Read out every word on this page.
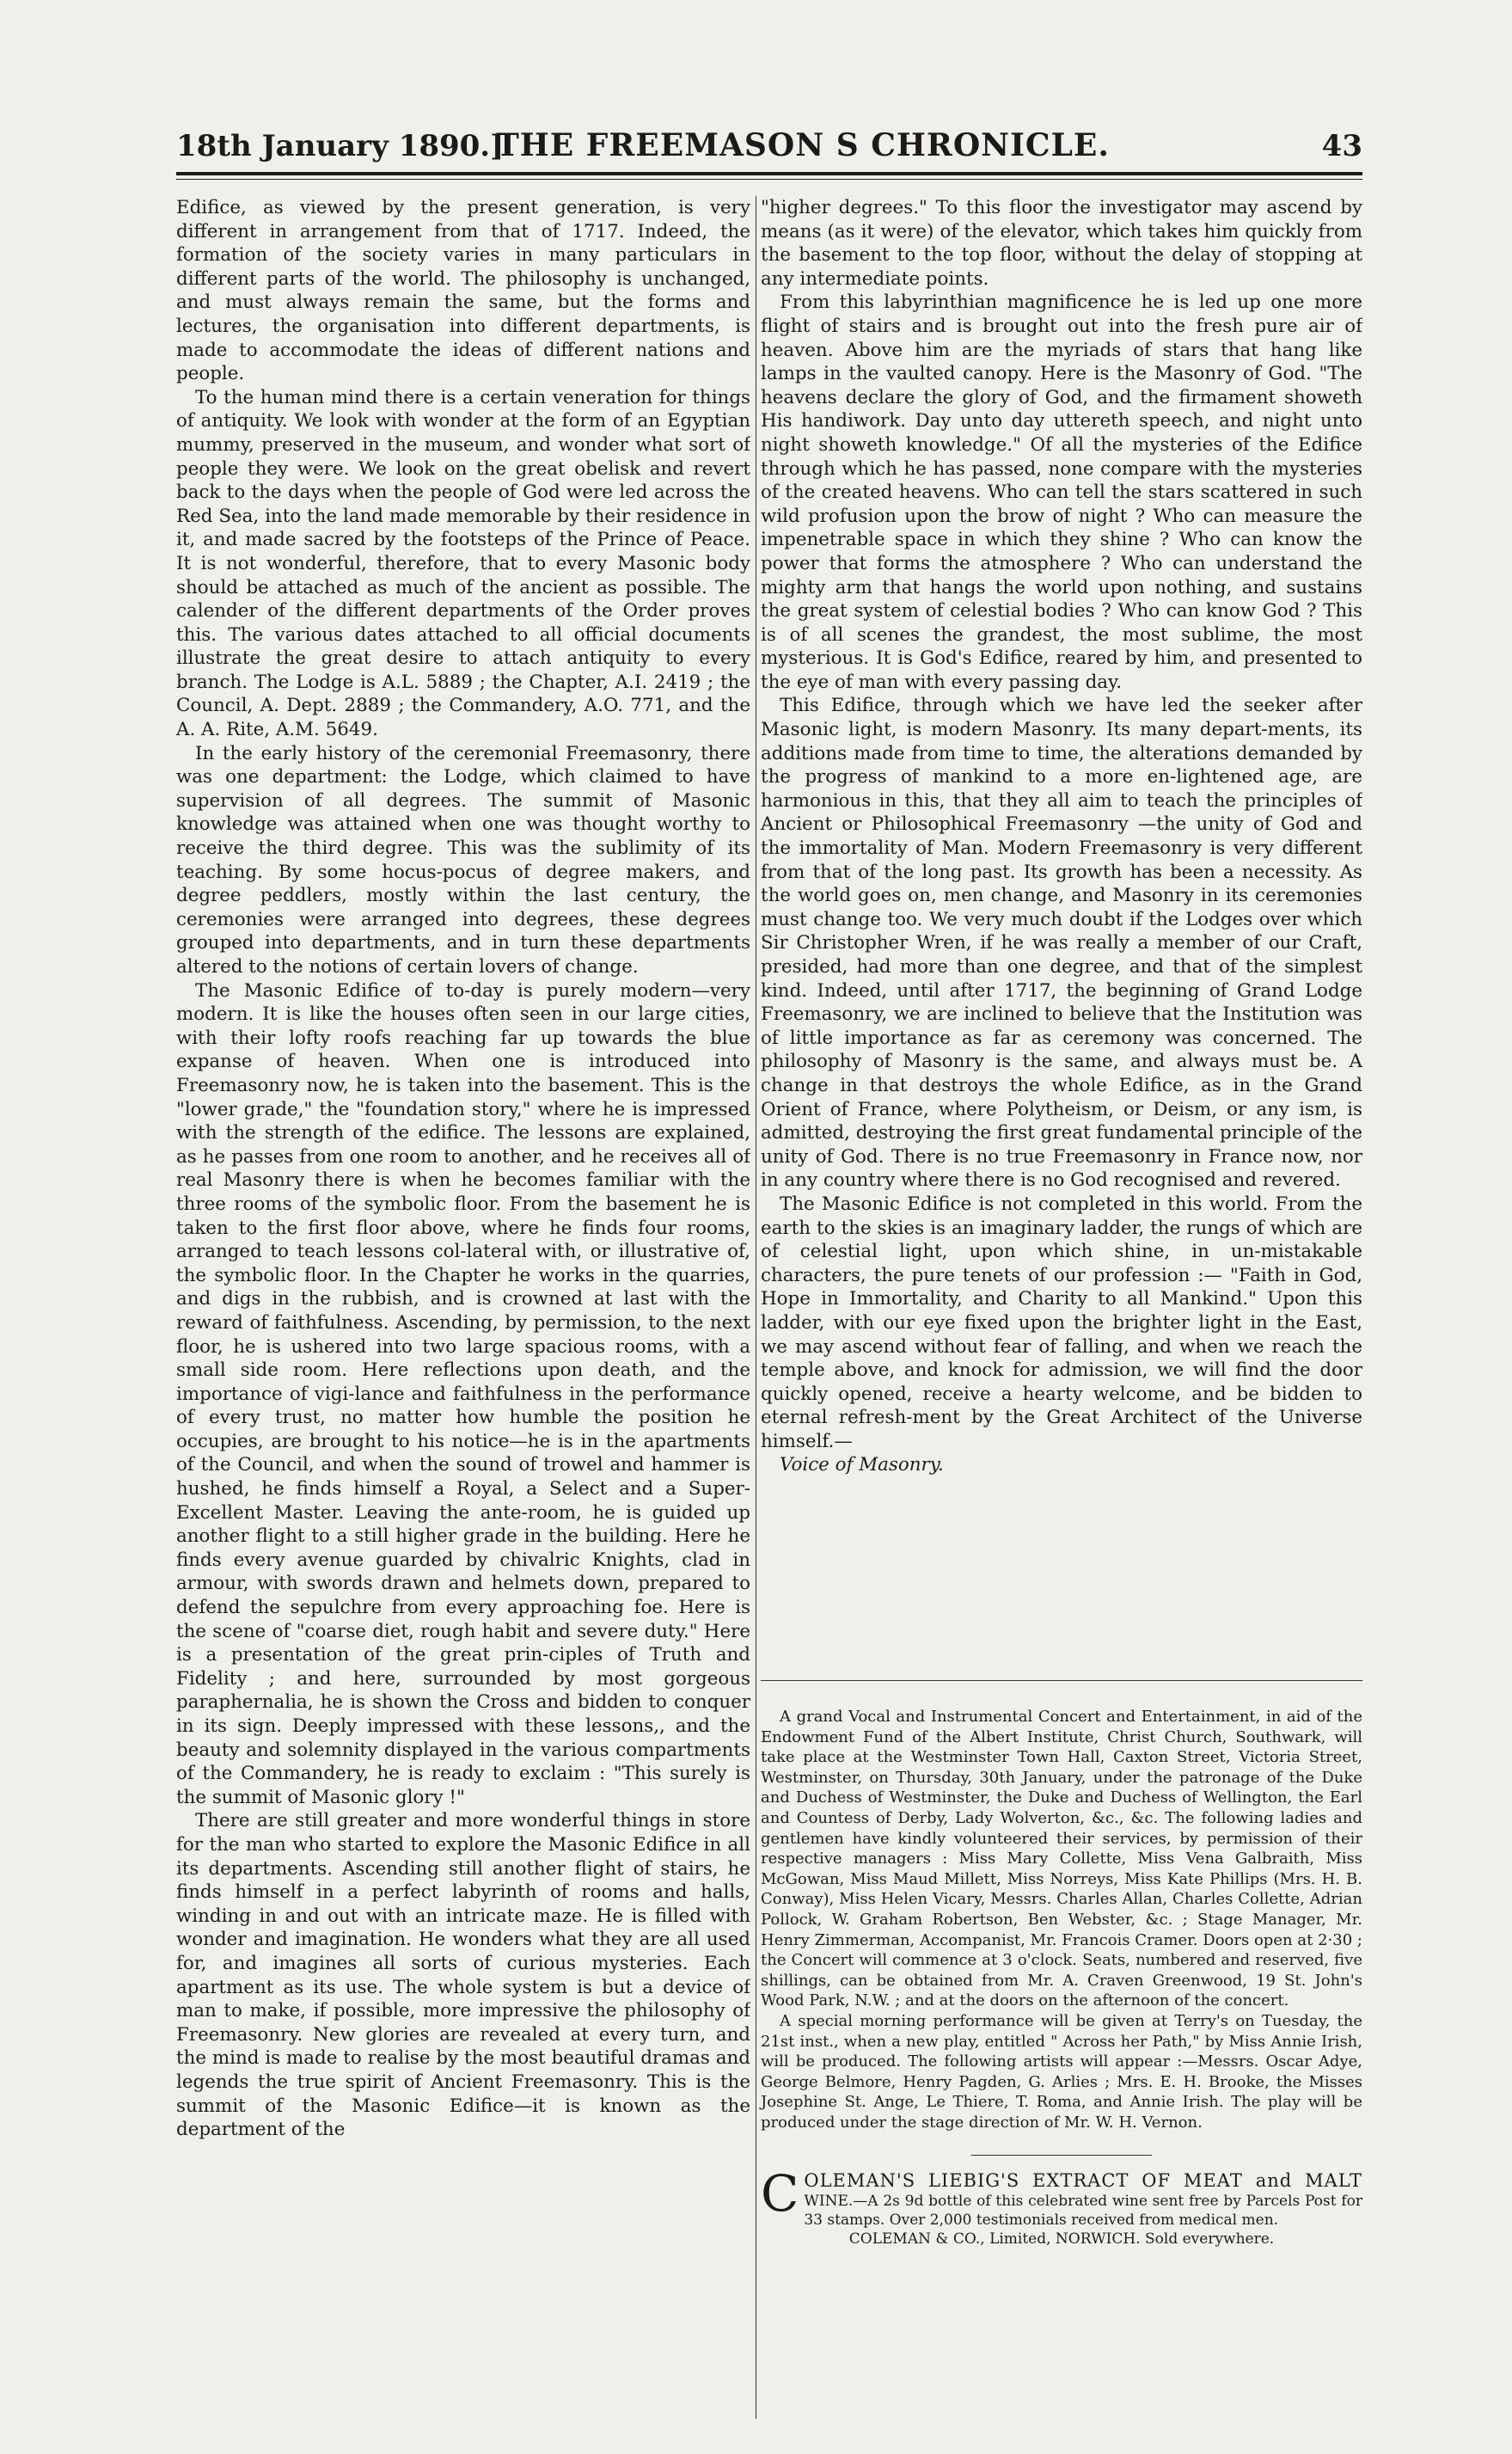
18th January 1890.]
THE FREEMASON S CHRONICLE.	43

Edifice, as viewed by the present generation, is very different in arrangement from that of 1717. Indeed, the formation of the society varies in many particulars in different parts of the world. The philosophy is unchanged, and must always remain the same, but the forms and lectures, the organisation into different departments, is made to accommodate the ideas of different nations and people.

To the human mind there is a certain veneration for things of antiquity. We look with wonder at the form of an Egyptian mummy, preserved in the museum, and wonder what sort of people they were. We look on the great obelisk and revert back to the days when the people of God were led across the Red Sea, into the land made memorable by their residence in it, and made sacred by the footsteps of the Prince of Peace. It is not wonderful, therefore, that to every Masonic body should be attached as much of the ancient as possible. The calender of the different departments of the Order proves this. The various dates attached to all official documents illustrate the great desire to attach antiquity to every branch. The Lodge is A.L. 5889 ; the Chapter, A.I. 2419 ; the Council, A. Dept. 2889 ; the Commandery, A.O. 771, and the A. A. Rite, A.M. 5649.

In the early history of the ceremonial Freemasonry, there was one department: the Lodge, which claimed to have supervision of all degrees. The summit of Masonic knowledge was attained when one was thought worthy to receive the third degree. This was the sublimity of its teaching. By some hocus-pocus of degree makers, and degree peddlers, mostly within the last century, the ceremonies were arranged into degrees, these degrees grouped into departments, and in turn these departments altered to the notions of certain lovers of change.

The Masonic Edifice of to-day is purely modern—very modern. It is like the houses often seen in our large cities, with their lofty roofs reaching far up towards the blue expanse of heaven. When one is introduced into Freemasonry now, he is taken into the basement. This is the "lower grade," the "foundation story," where he is impressed with the strength of the edifice. The lessons are explained, as he passes from one room to another, and he receives all of real Masonry there is when he becomes familiar with the three rooms of the symbolic floor. From the basement he is taken to the first floor above, where he finds four rooms, arranged to teach lessons col-lateral with, or illustrative of, the symbolic floor. In the Chapter he works in the quarries, and digs in the rubbish, and is crowned at last with the reward of faithfulness. Ascending, by permission, to the next floor, he is ushered into two large spacious rooms, with a small side room. Here reflections upon death, and the importance of vigi-lance and faithfulness in the performance of every trust, no matter how humble the position he occupies, are brought to his notice—he is in the apartments of the Council, and when the sound of trowel and hammer is hushed, he finds himself a Royal, a Select and a Super-Excellent Master. Leaving the ante-room, he is guided up another flight to a still higher grade in the building. Here he finds every avenue guarded by chivalric Knights, clad in armour, with swords drawn and helmets down, prepared to defend the sepulchre from every approaching foe. Here is the scene of "coarse diet, rough habit and severe duty." Here is a presentation of the great prin-ciples of Truth and Fidelity ; and here, surrounded by most gorgeous paraphernalia, he is shown the Cross and bidden to conquer in its sign. Deeply impressed with these lessons,, and the beauty and solemnity displayed in the various compartments of the Commandery, he is ready to exclaim : "This surely is the summit of Masonic glory !"

There are still greater and more wonderful things in store for the man who started to explore the Masonic Edifice in all its departments. Ascending still another flight of stairs, he finds himself in a perfect labyrinth of rooms and halls, winding in and out with an intricate maze. He is filled with wonder and imagination. He wonders what they are all used for, and imagines all sorts of curious mysteries. Each apartment as its use. The whole system is but a device of man to make, if possible, more impressive the philosophy of Freemasonry. New glories are revealed at every turn, and the mind is made to realise by the most beautiful dramas and legends the true spirit of Ancient Freemasonry. This is the summit of the Masonic Edifice—it is known as the department of the

"higher degrees." To this floor the investigator may ascend by means (as it were) of the elevator, which takes him quickly from the basement to the top floor, without the delay of stopping at any intermediate points.

From this labyrinthian magnificence he is led up one more flight of stairs and is brought out into the fresh pure air of heaven. Above him are the myriads of stars that hang like lamps in the vaulted canopy. Here is the Masonry of God. "The heavens declare the glory of God, and the firmament showeth His handiwork. Day unto day uttereth speech, and night unto night showeth knowledge." Of all the mysteries of the Edifice through which he has passed, none compare with the mysteries of the created heavens. Who can tell the stars scattered in such wild profusion upon the brow of night ? Who can measure the impenetrable space in which they shine ? Who can know the power that forms the atmosphere ? Who can understand the mighty arm that hangs the world upon nothing, and sustains the great system of celestial bodies ? Who can know God ? This is of all scenes the grandest, the most sublime, the most mysterious. It is God's Edifice, reared by him, and presented to the eye of man with every passing day.

This Edifice, through which we have led the seeker after Masonic light, is modern Masonry. Its many depart-ments, its additions made from time to time, the alterations demanded by the progress of mankind to a more en-lightened age, are harmonious in this, that they all aim to teach the principles of Ancient or Philosophical Freemasonry —the unity of God and the immortality of Man. Modern Freemasonry is very different from that of the long past. Its growth has been a necessity. As the world goes on, men change, and Masonry in its ceremonies must change too. We very much doubt if the Lodges over which Sir Christopher Wren, if he was really a member of our Craft, presided, had more than one degree, and that of the simplest kind. Indeed, until after 1717, the beginning of Grand Lodge Freemasonry, we are inclined to believe that the Institution was of little importance as far as ceremony was concerned. The philosophy of Masonry is the same, and always must be. A change in that destroys the whole Edifice, as in the Grand Orient of France, where Polytheism, or Deism, or any ism, is admitted, destroying the first great fundamental principle of the unity of God. There is no true Freemasonry in France now, nor in any country where there is no God recognised and revered.

The Masonic Edifice is not completed in this world. From the earth to the skies is an imaginary ladder, the rungs of which are of celestial light, upon which shine, in un-mistakable characters, the pure tenets of our profession :— "Faith in God, Hope in Immortality, and Charity to all Mankind." Upon this ladder, with our eye fixed upon the brighter light in the East, we may ascend without fear of falling, and when we reach the temple above, and knock for admission, we will find the door quickly opened, receive a hearty welcome, and be bidden to eternal refresh-ment by the Great Architect of the Universe himself.—

Voice of Masonry.

A grand Vocal and Instrumental Concert and Entertainment, in aid of the Endowment Fund of the Albert Institute, Christ Church, Southwark, will take place at the Westminster Town Hall, Caxton Street, Victoria Street, Westminster, on Thursday, 30th January, under the patronage of the Duke and Duchess of Westminster, the Duke and Duchess of Wellington, the Earl and Countess of Derby, Lady Wolverton, &c., &c. The following ladies and gentlemen have kindly volunteered their services, by permission of their respective managers : Miss Mary Collette, Miss Vena Galbraith, Miss McGowan, Miss Maud Millett, Miss Norreys, Miss Kate Phillips (Mrs. H. B. Conway), Miss Helen Vicary, Messrs. Charles Allan, Charles Collette, Adrian Pollock, W. Graham Robertson, Ben Webster, &c. ; Stage Manager, Mr. Henry Zimmerman, Accompanist, Mr. Francois Cramer. Doors open at 2·30 ; the Concert will commence at 3 o'clock. Seats, numbered and reserved, five shillings, can be obtained from Mr. A. Craven Greenwood, 19 St. John's Wood Park, N.W. ; and at the doors on the afternoon of the concert.

A special morning performance will be given at Terry's on Tuesday, the 21st inst., when a new play, entitled " Across her Path," by Miss Annie Irish, will be produced. The following artists will appear :—Messrs. Oscar Adye, George Belmore, Henry Pagden, G. Arlies ; Mrs. E. H. Brooke, the Misses Josephine St. Ange, Le Thiere, T. Roma, and Annie Irish. The play will be produced under the stage direction of Mr. W. H. Vernon.

C OLEMAN'S LIEBIG'S EXTRACT OF MEAT and MALT WINE.—A 2s 9d bottle of this celebrated wine sent free by Parcels Post for 33 stamps. Over 2,000 testimonials received from medical men.
COLEMAN & CO., Limited, NORWICH. Sold everywhere.
